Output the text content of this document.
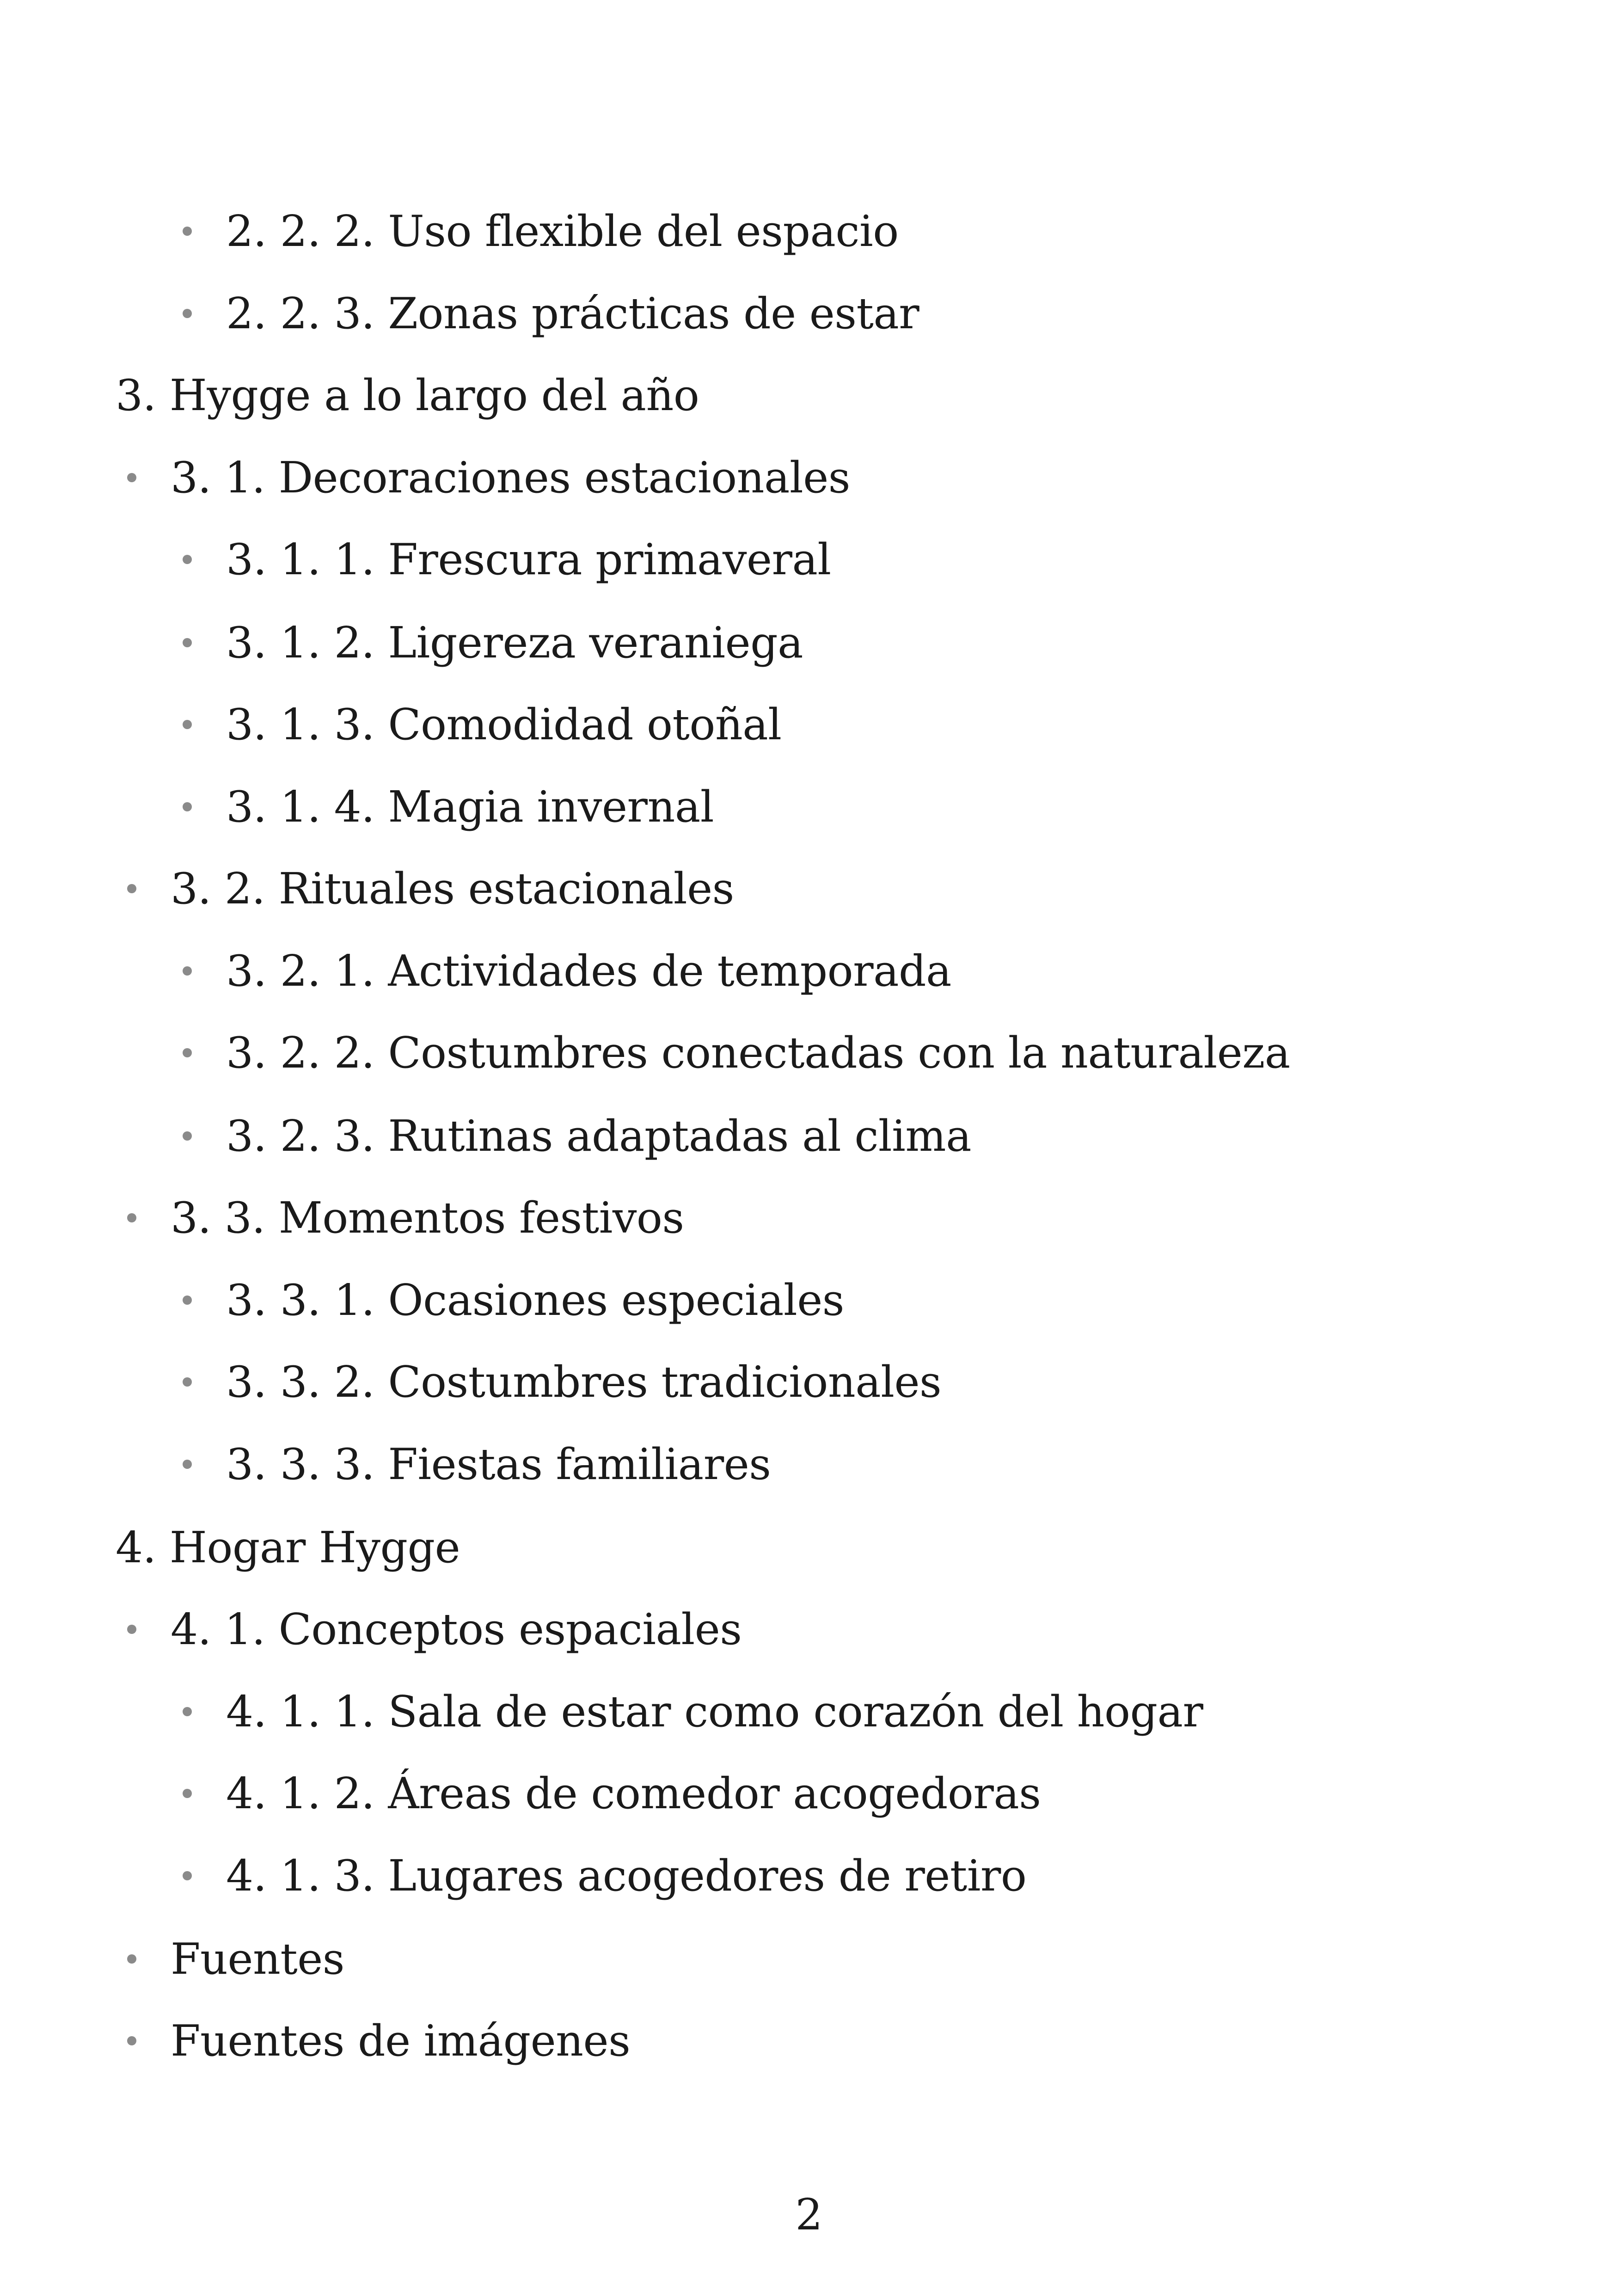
2. 2. 2. Uso flexible del espacio
2. 2. 3. Zonas prácticas de estar
3. Hygge a lo largo del año
3. 1. Decoraciones estacionales
3. 1. 1. Frescura primaveral
3. 1. 2. Ligereza veraniega
3. 1. 3. Comodidad otoñal
3. 1. 4. Magia invernal
3. 2. Rituales estacionales
3. 2. 1. Actividades de temporada
3. 2. 2. Costumbres conectadas con la naturaleza
3. 2. 3. Rutinas adaptadas al clima
3. 3. Momentos festivos
3. 3. 1. Ocasiones especiales
3. 3. 2. Costumbres tradicionales
3. 3. 3. Fiestas familiares
4. Hogar Hygge
4. 1. Conceptos espaciales
4. 1. 1. Sala de estar como corazón del hogar
4. 1. 2. Áreas de comedor acogedoras
4. 1. 3. Lugares acogedores de retiro
Fuentes
Fuentes de imágenes
2
